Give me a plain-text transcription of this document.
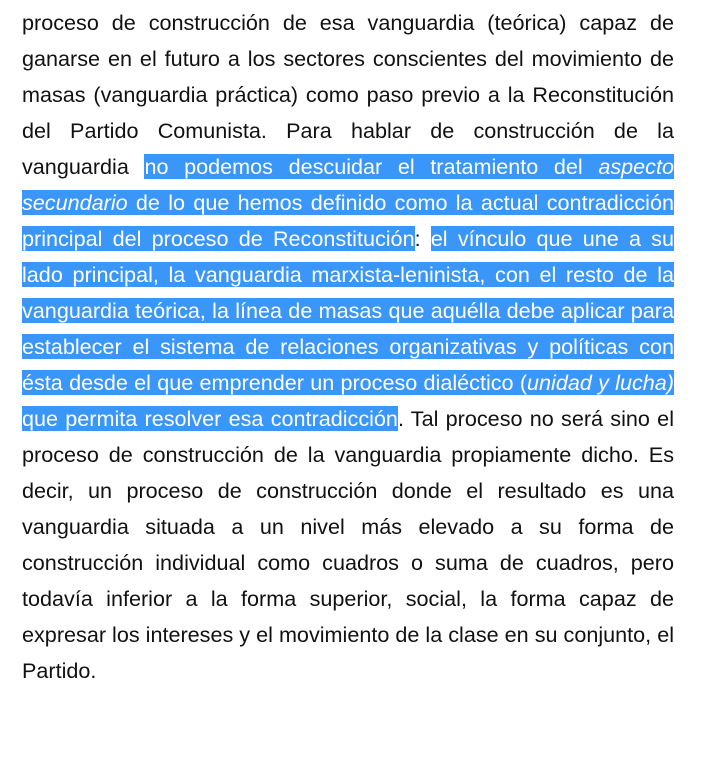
proceso de construcción de esa vanguardia (teórica) capaz de ganarse en el futuro a los sectores conscientes del movimiento de masas (vanguardia práctica) como paso previo a la Reconstitución del Partido Comunista. Para hablar de construcción de la vanguardia no podemos descuidar el tratamiento del aspecto secundario de lo que hemos definido como la actual contradicción principal del proceso de Reconstitución: el vínculo que une a su lado principal, la vanguardia marxista-leninista, con el resto de la vanguardia teórica, la línea de masas que aquélla debe aplicar para establecer el sistema de relaciones organizativas y políticas con ésta desde el que emprender un proceso dialéctico (unidad y lucha) que permita resolver esa contradicción. Tal proceso no será sino el proceso de construcción de la vanguardia propiamente dicho. Es decir, un proceso de construcción donde el resultado es una vanguardia situada a un nivel más elevado a su forma de construcción individual como cuadros o suma de cuadros, pero todavía inferior a la forma superior, social, la forma capaz de expresar los intereses y el movimiento de la clase en su conjunto, el Partido.
